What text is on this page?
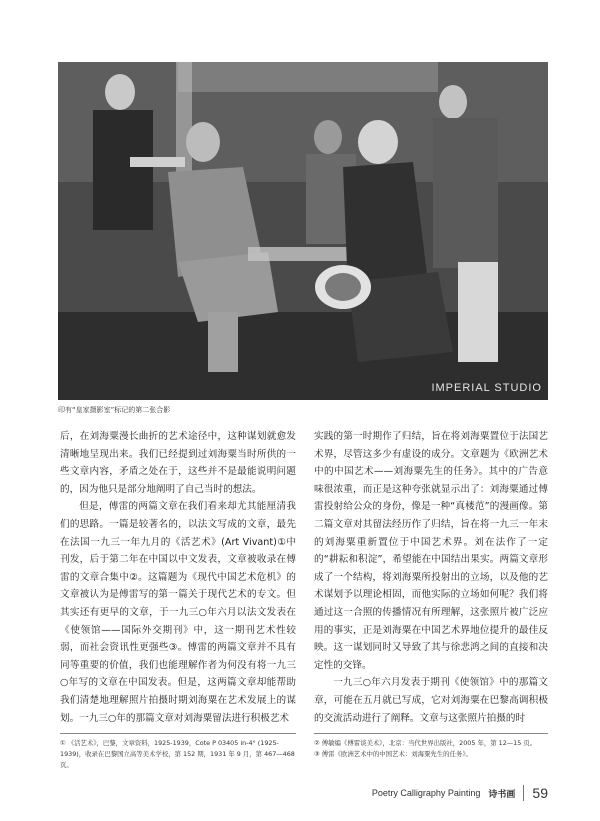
IMPERIAL STUDIO
印有“皇家摄影室”标记的第二张合影

后，在刘海粟漫长曲折的艺术途径中，这种谋划就愈发清晰地呈现出来。我们已经提到过刘海粟当时所供的一些文章内容，矛盾之处在于，这些并不是最能说明问题的，因为他只是部分地阐明了自己当时的想法。

但是，傅雷的两篇文章在我们看来却尤其能厘清我们的思路。一篇是较著名的，以法文写成的文章，最先在法国一九三一年九月的《活艺术》(Art Vivant)①中刊发，后于第二年在中国以中文发表，文章被收录在傅雷的文章合集中②。这篇题为《现代中国艺术危机》的文章被认为是傅雷写的第一篇关于现代艺术的专文。但其实还有更早的文章，于一九三○年六月以法文发表在《使领馆——国际外交期刊》中，这一期刊艺术性较弱，而社会资讯性更强些③。傅雷的两篇文章并不具有同等重要的价值，我们也能理解作者为何没有将一九三○年写的文章在中国发表。但是，这两篇文章却能帮助我们清楚地理解照片拍摄时期刘海粟在艺术发展上的谋划。一九三○年的那篇文章对刘海粟留法进行积极艺术

实践的第一时期作了归结，旨在将刘海粟置位于法国艺术界，尽管这多少有虚设的成分。文章题为《欧洲艺术中的中国艺术——刘海粟先生的任务》。其中的广告意味很浓重，而正是这种夸张就显示出了：刘海粟通过傅雷投射给公众的身份，像是一种“真楼范”的漫画像。第二篇文章对其留法经历作了归结，旨在将一九三一年末的刘海粟重新置位于中国艺术界。刘在法作了一定的“耕耘和积淀”，希望能在中国结出果实。两篇文章形成了一个结构，将刘海粟所投射出的立场，以及他的艺术谋划予以理论相固，而他实际的立场如何呢？我们将通过这一合照的传播情况有所理解，这张照片被广泛应用的事实，正是刘海粟在中国艺术界地位提升的最佳反映。这一谋划同时又导致了其与徐悲鸿之间的直接和决定性的交锋。

一九三○年六月发表于期刊《使领馆》中的那篇文章，可能在五月就已写成，它对刘海粟在巴黎高调积极的交流活动进行了阐释。文章与这张照片拍摄的时

① 《活艺术》，巴黎，文章资料，1925-1939，Cote P 03405 in-4° (1925-1939)，收录在巴黎国立高等美术学校，第 152 期，1931 年 9 月，第 467—468 页。

② 傅敏编《傅雷谈美术》，北京：当代世界出版社，2005 年，第 12—15 页。

③ 傅雷《欧洲艺术中的中国艺术：刘海粟先生的任务》。

Poetry Calligraphy Painting 诗书画 59
